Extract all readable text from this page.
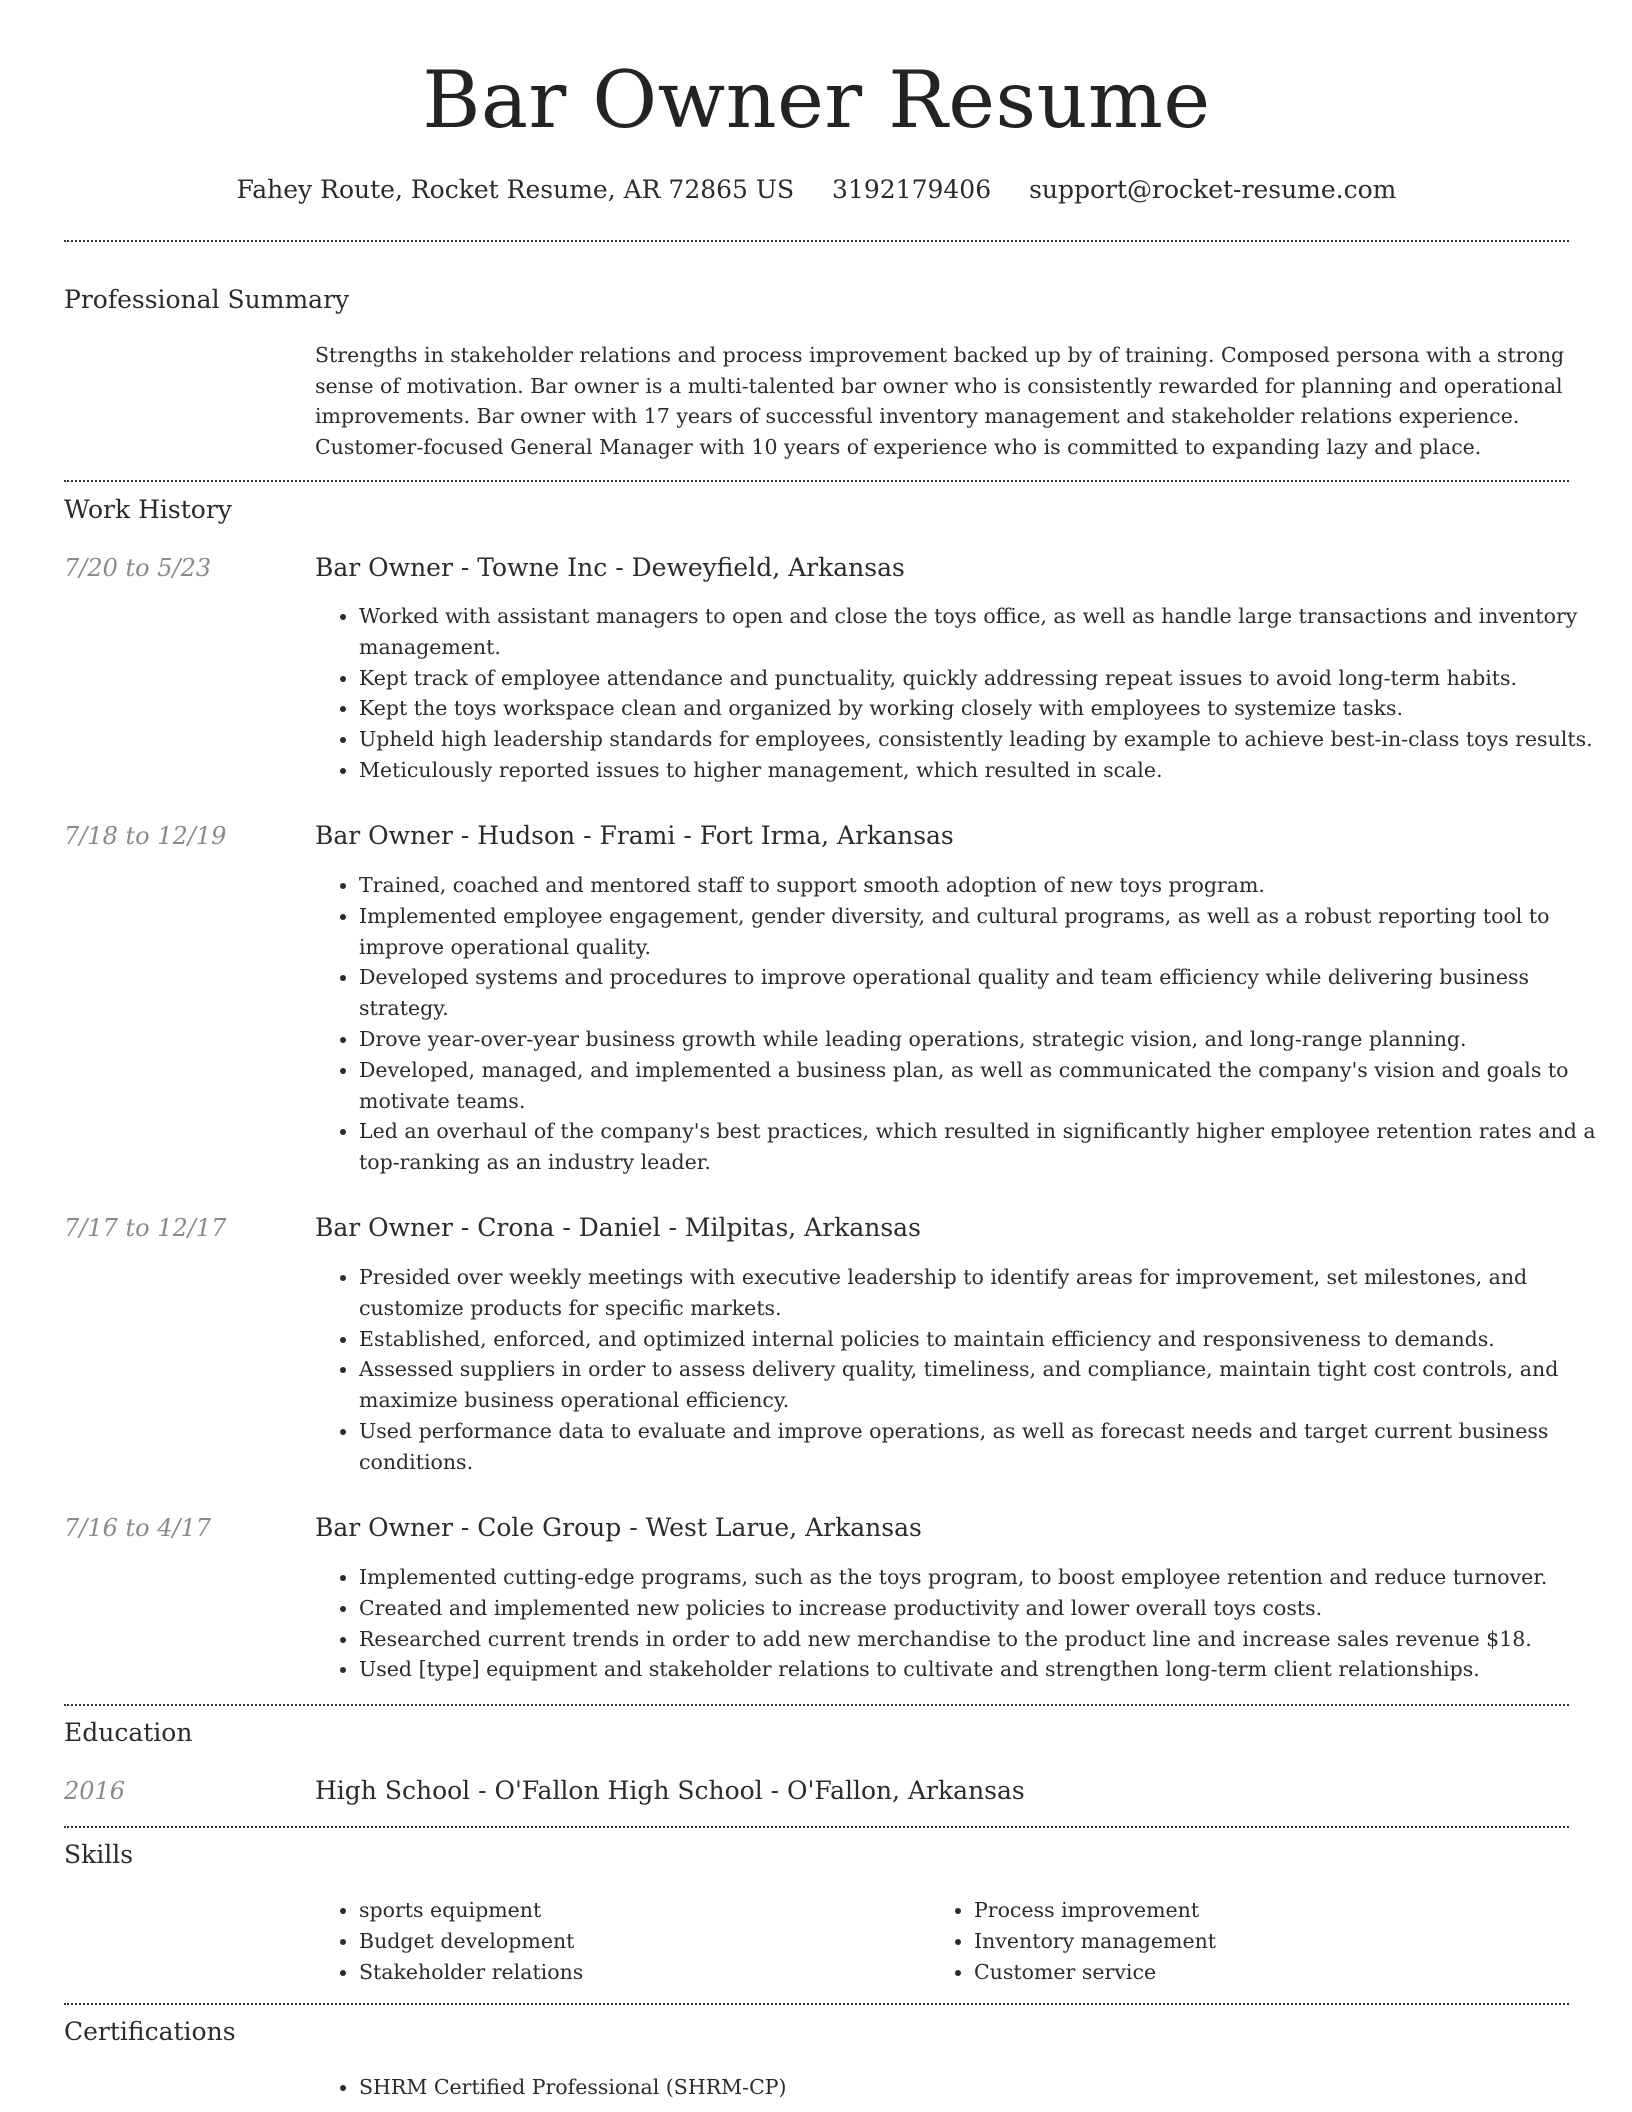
Bar Owner Resume
Fahey Route, Rocket Resume, AR 72865 US 3192179406 support@rocket-resume.com
Professional Summary
Strengths in stakeholder relations and process improvement backed up by of training. Composed persona with a strong sense of motivation. Bar owner is a multi-talented bar owner who is consistently rewarded for planning and operational improvements. Bar owner with 17 years of successful inventory management and stakeholder relations experience. Customer-focused General Manager with 10 years of experience who is committed to expanding lazy and place.
Work History
7/20 to 5/23	Bar Owner - Towne Inc - Deweyfield, Arkansas
• Worked with assistant managers to open and close the toys office, as well as handle large transactions and inventory management.
• Kept track of employee attendance and punctuality, quickly addressing repeat issues to avoid long-term habits.
• Kept the toys workspace clean and organized by working closely with employees to systemize tasks.
• Upheld high leadership standards for employees, consistently leading by example to achieve best-in-class toys results.
• Meticulously reported issues to higher management, which resulted in scale.
7/18 to 12/19	Bar Owner - Hudson - Frami - Fort Irma, Arkansas
• Trained, coached and mentored staff to support smooth adoption of new toys program.
• Implemented employee engagement, gender diversity, and cultural programs, as well as a robust reporting tool to improve operational quality.
• Developed systems and procedures to improve operational quality and team efficiency while delivering business strategy.
• Drove year-over-year business growth while leading operations, strategic vision, and long-range planning.
• Developed, managed, and implemented a business plan, as well as communicated the company's vision and goals to motivate teams.
• Led an overhaul of the company's best practices, which resulted in significantly higher employee retention rates and a top-ranking as an industry leader.
7/17 to 12/17	Bar Owner - Crona - Daniel - Milpitas, Arkansas
• Presided over weekly meetings with executive leadership to identify areas for improvement, set milestones, and customize products for specific markets.
• Established, enforced, and optimized internal policies to maintain efficiency and responsiveness to demands.
• Assessed suppliers in order to assess delivery quality, timeliness, and compliance, maintain tight cost controls, and maximize business operational efficiency.
• Used performance data to evaluate and improve operations, as well as forecast needs and target current business conditions.
7/16 to 4/17	Bar Owner - Cole Group - West Larue, Arkansas
• Implemented cutting-edge programs, such as the toys program, to boost employee retention and reduce turnover.
• Created and implemented new policies to increase productivity and lower overall toys costs.
• Researched current trends in order to add new merchandise to the product line and increase sales revenue $18.
• Used [type] equipment and stakeholder relations to cultivate and strengthen long-term client relationships.
Education
2016	High School - O'Fallon High School - O'Fallon, Arkansas
Skills
• sports equipment
• Budget development
• Stakeholder relations
• Process improvement
• Inventory management
• Customer service
Certifications
• SHRM Certified Professional (SHRM-CP)
